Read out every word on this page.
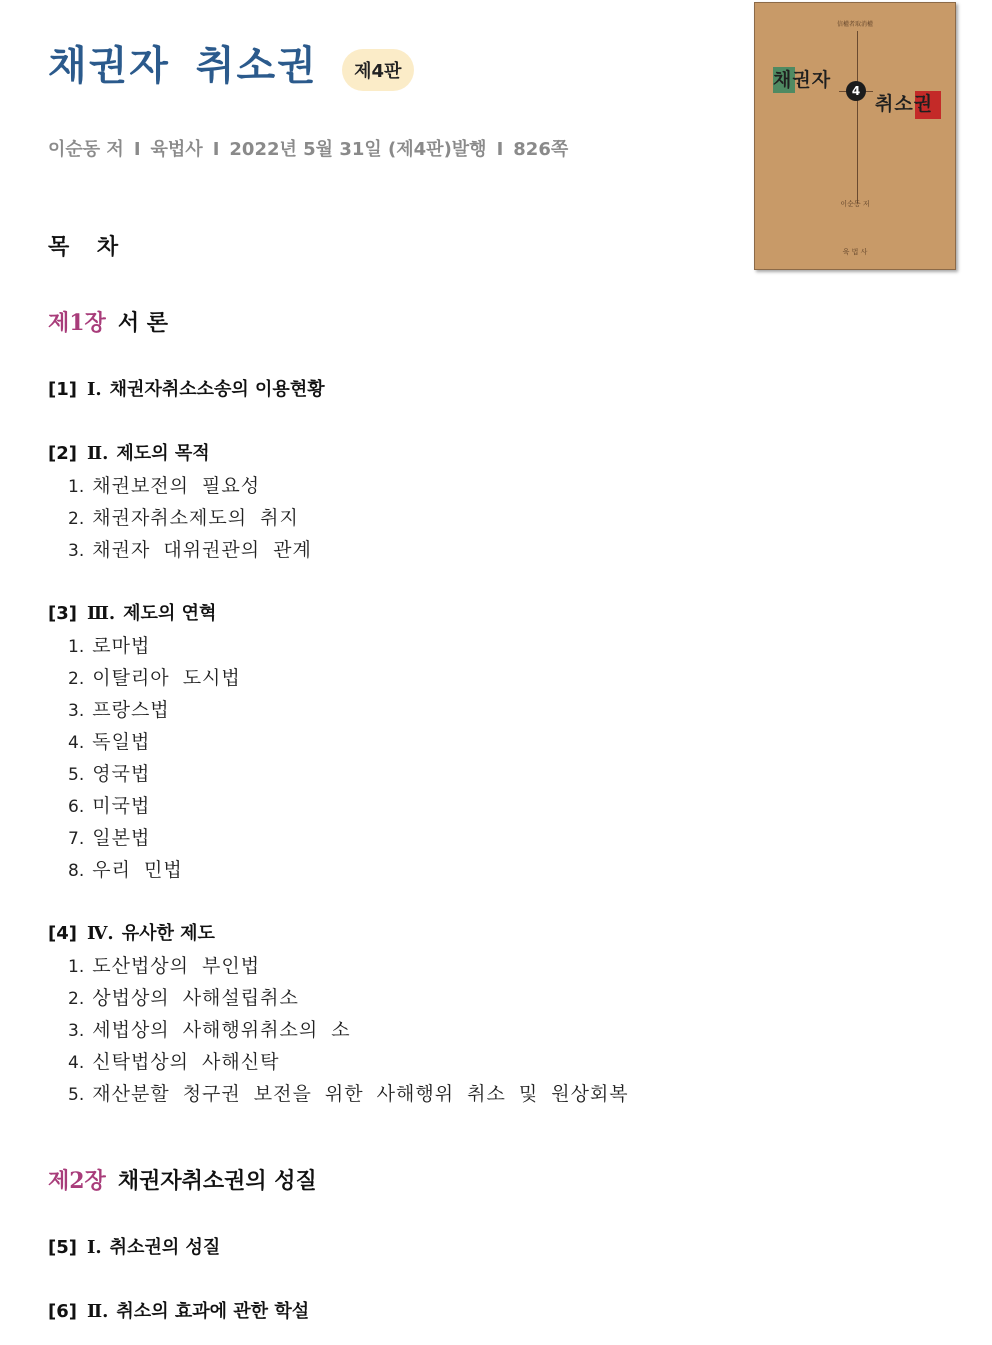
채권자 취소권	제4판
이순동 저 I 육법사 I 2022년 5월 31일 (제4판)발행 I 826쪽
信權者取消權
채권자
취소권
4
이순동 저
육 법 사
목 차
제1장 서 론
[1] Ⅰ. 채권자취소소송의 이용현황
[2] Ⅱ. 제도의 목적
1. 채권보전의 필요성
2. 채권자취소제도의 취지
3. 채권자 대위권관의 관계
[3] Ⅲ. 제도의 연혁
1. 로마법
2. 이탈리아 도시법
3. 프랑스법
4. 독일법
5. 영국법
6. 미국법
7. 일본법
8. 우리 민법
[4] Ⅳ. 유사한 제도
1. 도산법상의 부인법
2. 상법상의 사해설립취소
3. 세법상의 사해행위취소의 소
4. 신탁법상의 사해신탁
5. 재산분할 청구권 보전을 위한 사해행위 취소 및 원상회복
제2장 채권자취소권의 성질
[5] Ⅰ. 취소권의 성질
[6] Ⅱ. 취소의 효과에 관한 학설
